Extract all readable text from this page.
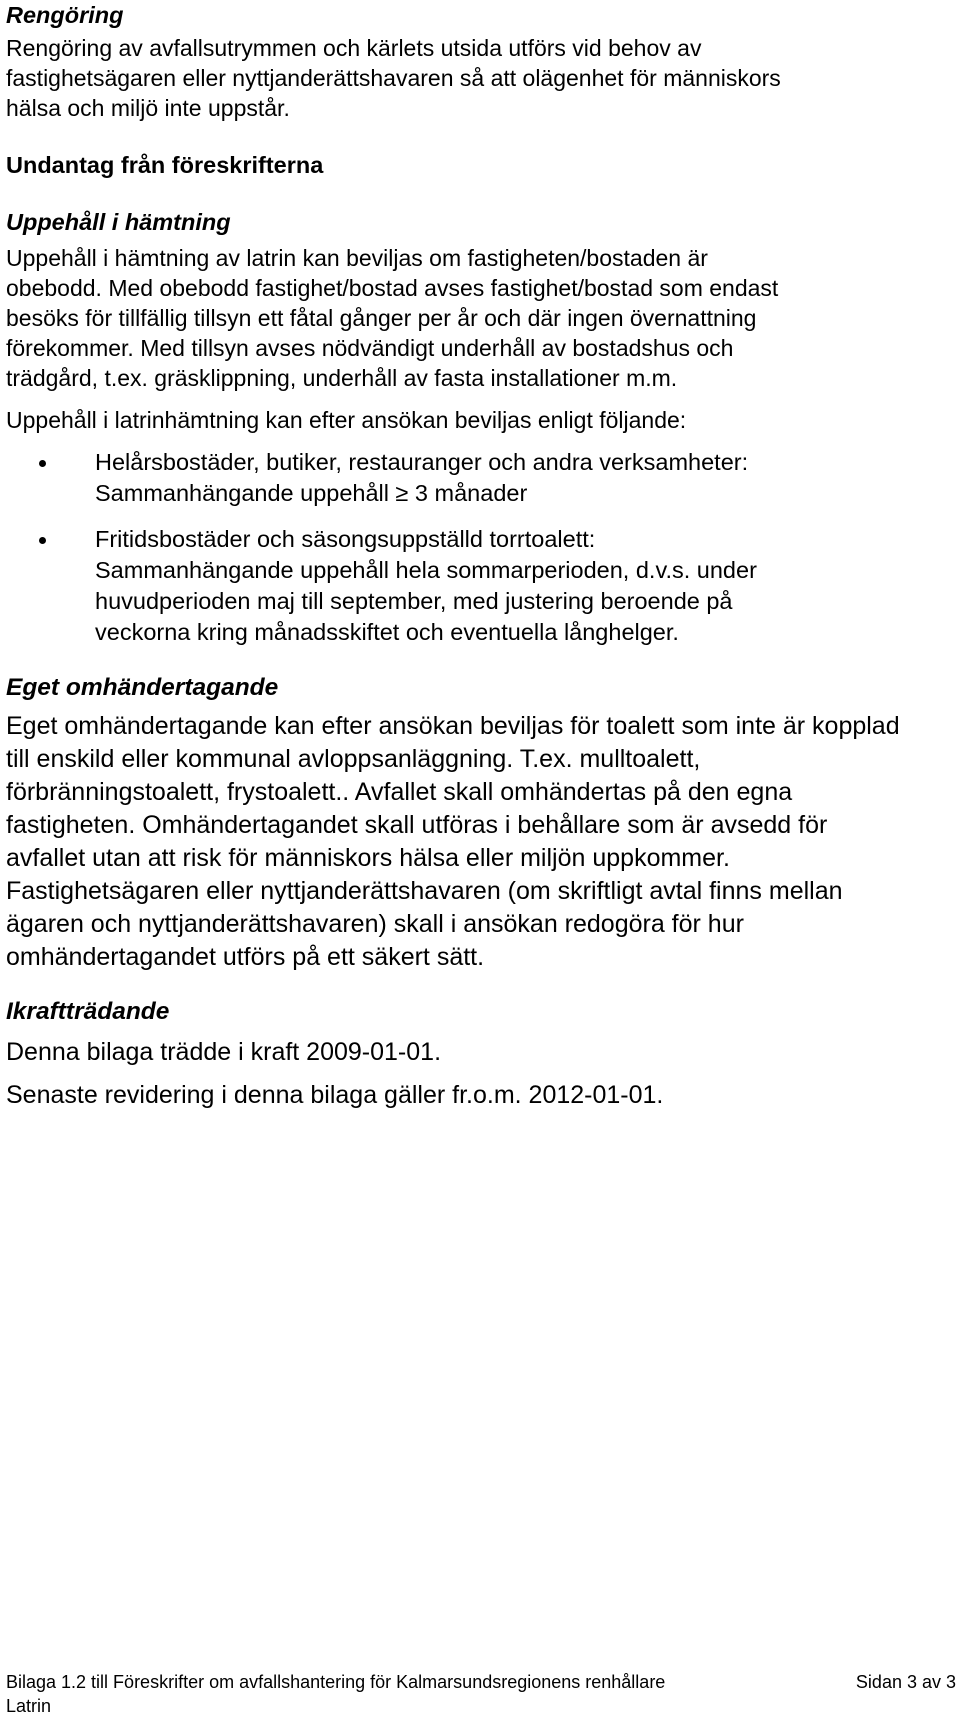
Rengöring

Rengöring av avfallsutrymmen och kärlets utsida utförs vid behov av fastighetsägaren eller nyttjanderättshavaren så att olägenhet för människors hälsa och miljö inte uppstår.

Undantag från föreskrifterna
Uppehåll i hämtning

Uppehåll i hämtning av latrin kan beviljas om fastigheten/bostaden är obebodd. Med obebodd fastighet/bostad avses fastighet/bostad som endast besöks för tillfällig tillsyn ett fåtal gånger per år och där ingen övernattning förekommer. Med tillsyn avses nödvändigt underhåll av bostadshus och trädgård, t.ex. gräsklippning, underhåll av fasta installationer m.m.

Uppehåll i latrinhämtning kan efter ansökan beviljas enligt följande:

Helårsbostäder, butiker, restauranger och andra verksamheter:
Sammanhängande uppehåll ≥ 3 månader
Fritidsbostäder och säsongsuppställd torrtoalett:
Sammanhängande uppehåll hela sommarperioden, d.v.s. under huvudperioden maj till september, med justering beroende på veckorna kring månadsskiftet och eventuella långhelger.
Eget omhändertagande

Eget omhändertagande kan efter ansökan beviljas för toalett som inte är kopplad till enskild eller kommunal avloppsanläggning. T.ex. mulltoalett, förbränningstoalett, frystoalett.. Avfallet skall omhändertas på den egna fastigheten. Omhändertagandet skall utföras i behållare som är avsedd för avfallet utan att risk för människors hälsa eller miljön uppkommer. Fastighetsägaren eller nyttjanderättshavaren (om skriftligt avtal finns mellan ägaren och nyttjanderättshavaren) skall i ansökan redogöra för hur omhändertagandet utförs på ett säkert sätt.

Ikraftträdande

Denna bilaga trädde i kraft 2009-01-01.

Senaste revidering i denna bilaga gäller fr.o.m. 2012-01-01.

Bilaga 1.2 till Föreskrifter om avfallshantering för Kalmarsundsregionens renhållare	Sidan 3 av 3
Latrin
